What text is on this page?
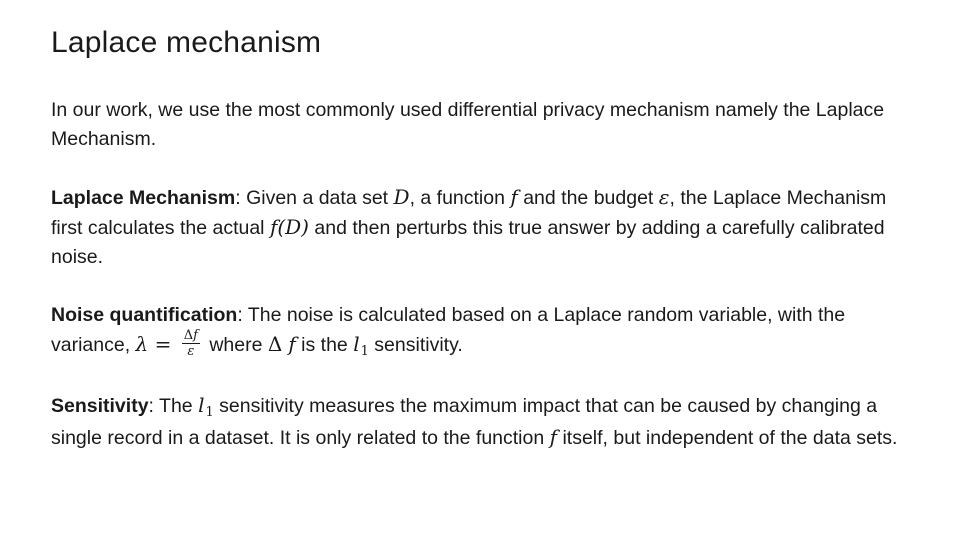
Laplace mechanism

In our work, we use the most commonly used differential privacy mechanism namely the Laplace Mechanism.

Laplace Mechanism: Given a data set D, a function f and the budget ε, the Laplace Mechanism first calculates the actual f(D) and then perturbs this true answer by adding a carefully calibrated noise.

Noise quantification: The noise is calculated based on a Laplace random variable, with the variance, $\lambda = \frac{\Delta f}{\varepsilon}$ where Δ f is the $l_1$ sensitivity.

Sensitivity: The $l_1$ sensitivity measures the maximum impact that can be caused by changing a single record in a dataset. It is only related to the function f itself, but independent of the data sets.
